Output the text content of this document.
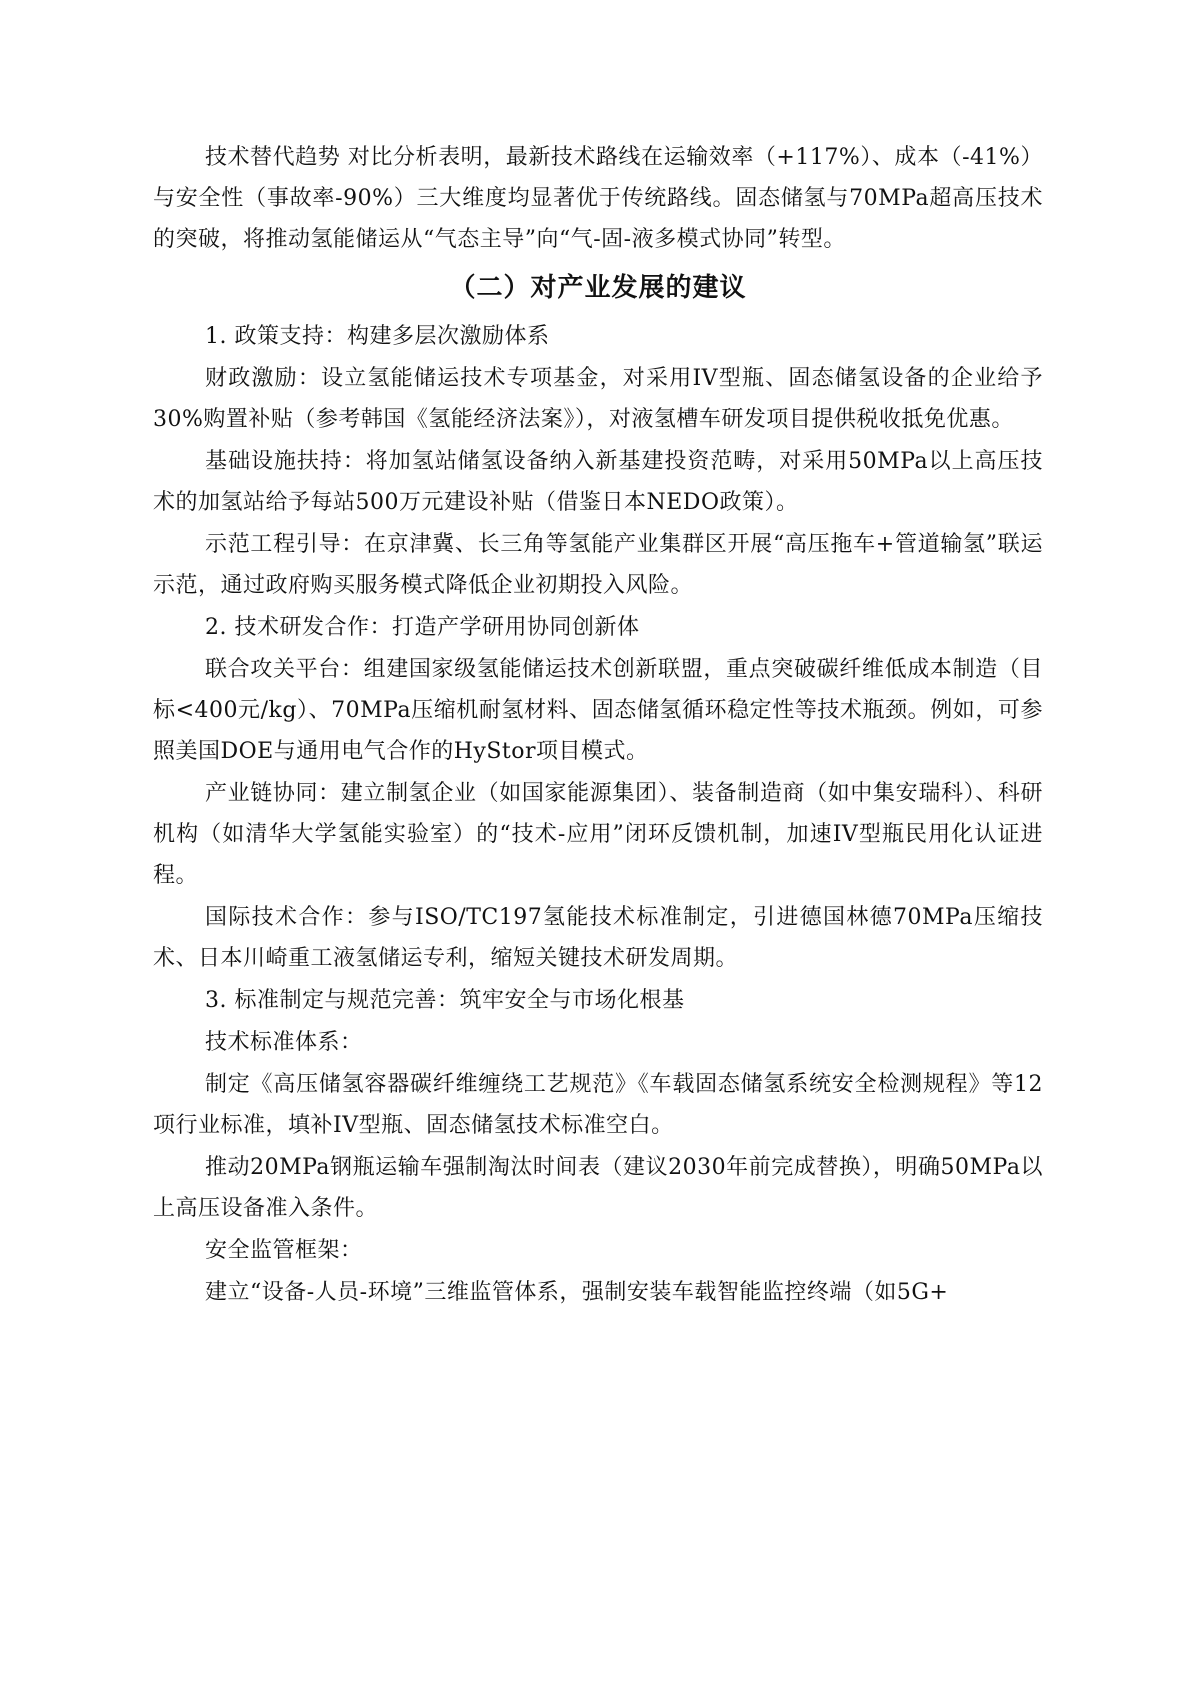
技术替代趋势 对比分析表明，最新技术路线在运输效率（+117%）、成本（-41%）与安全性（事故率-90%）三大维度均显著优于传统路线。固态储氢与70MPa超高压技术的突破，将推动氢能储运从“气态主导”向“气-固-液多模式协同”转型。

（二）对产业发展的建议

1. 政策支持：构建多层次激励体系

财政激励：设立氢能储运技术专项基金，对采用IV型瓶、固态储氢设备的企业给予30%购置补贴（参考韩国《氢能经济法案》），对液氢槽车研发项目提供税收抵免优惠。

基础设施扶持：将加氢站储氢设备纳入新基建投资范畴，对采用50MPa以上高压技术的加氢站给予每站500万元建设补贴（借鉴日本NEDO政策）。

示范工程引导：在京津冀、长三角等氢能产业集群区开展“高压拖车+管道输氢”联运示范，通过政府购买服务模式降低企业初期投入风险。

2. 技术研发合作：打造产学研用协同创新体

联合攻关平台：组建国家级氢能储运技术创新联盟，重点突破碳纤维低成本制造（目标<400元/kg）、70MPa压缩机耐氢材料、固态储氢循环稳定性等技术瓶颈。例如，可参照美国DOE与通用电气合作的HyStor项目模式。

产业链协同：建立制氢企业（如国家能源集团）、装备制造商（如中集安瑞科）、科研机构（如清华大学氢能实验室）的“技术-应用”闭环反馈机制，加速IV型瓶民用化认证进程。

国际技术合作：参与ISO/TC197氢能技术标准制定，引进德国林德70MPa压缩技术、日本川崎重工液氢储运专利，缩短关键技术研发周期。

3. 标准制定与规范完善：筑牢安全与市场化根基

技术标准体系：

制定《高压储氢容器碳纤维缠绕工艺规范》《车载固态储氢系统安全检测规程》等12项行业标准，填补IV型瓶、固态储氢技术标准空白。

推动20MPa钢瓶运输车强制淘汰时间表（建议2030年前完成替换），明确50MPa以上高压设备准入条件。

安全监管框架：

建立“设备-人员-环境”三维监管体系，强制安装车载智能监控终端（如5G+
